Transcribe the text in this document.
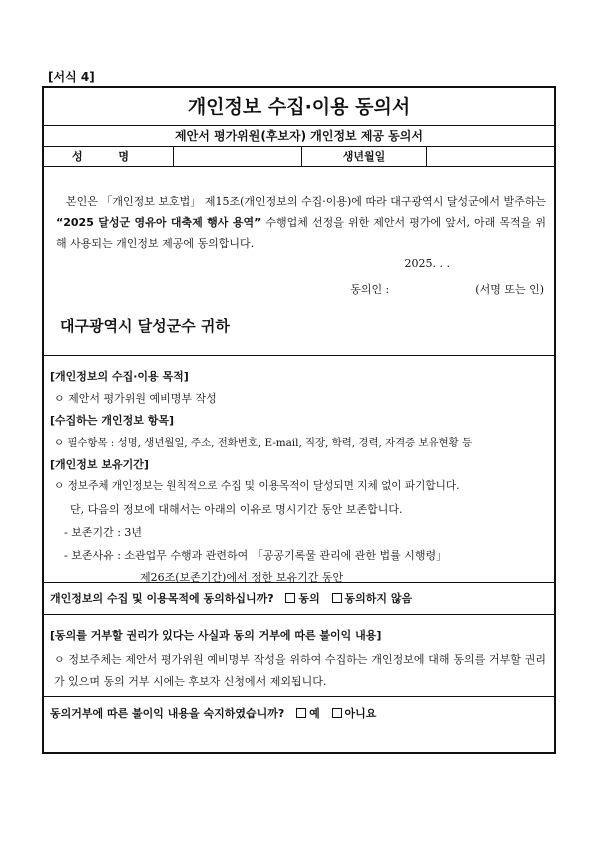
[서식 4]
개인정보 수집·이용 동의서
제안서 평가위원(후보자) 개인정보 제공 동의서
성 명	생년월일

본인은 「개인정보 보호법」 제15조(개인정보의 수집·이용)에 따라 대구광역시 달성군에서 발주하는 “2025 달성군 영유아 대축제 행사 용역” 수행업체 선정을 위한 제안서 평가에 앞서, 아래 목적을 위해 사용되는 개인정보 제공에 동의합니다.

2025. . .
동의인 :	(서명 또는 인)
대구광역시 달성군수 귀하
[개인정보의 수집·이용 목적]
ㅇ 제안서 평가위원 예비명부 작성
[수집하는 개인정보 항목]
ㅇ 필수항목 : 성명, 생년월일, 주소, 전화번호, E-mail, 직장, 학력, 경력, 자격증 보유현황 등
[개인정보 보유기간]
ㅇ 정보주체 개인정보는 원칙적으로 수집 및 이용목적이 달성되면 지체 없이 파기합니다.
단, 다음의 정보에 대해서는 아래의 이유로 명시기간 동안 보존합니다.
- 보존기간 : 3년
- 보존사유 : 소관업무 수행과 관련하여 「공공기록물 관리에 관한 법률 시행령」
제26조(보존기간)에서 정한 보유기간 동안
개인정보의 수집 및 이용목적에 동의하십니까? 동의 동의하지 않음
[동의를 거부할 권리가 있다는 사실과 동의 거부에 따른 불이익 내용]

ㅇ 정보주체는 제안서 평가위원 예비명부 작성을 위하여 수집하는 개인정보에 대해 동의를 거부할 권리가 있으며 동의 거부 시에는 후보자 신청에서 제외됩니다.

동의거부에 따른 불이익 내용을 숙지하였습니까? 예 아니요
